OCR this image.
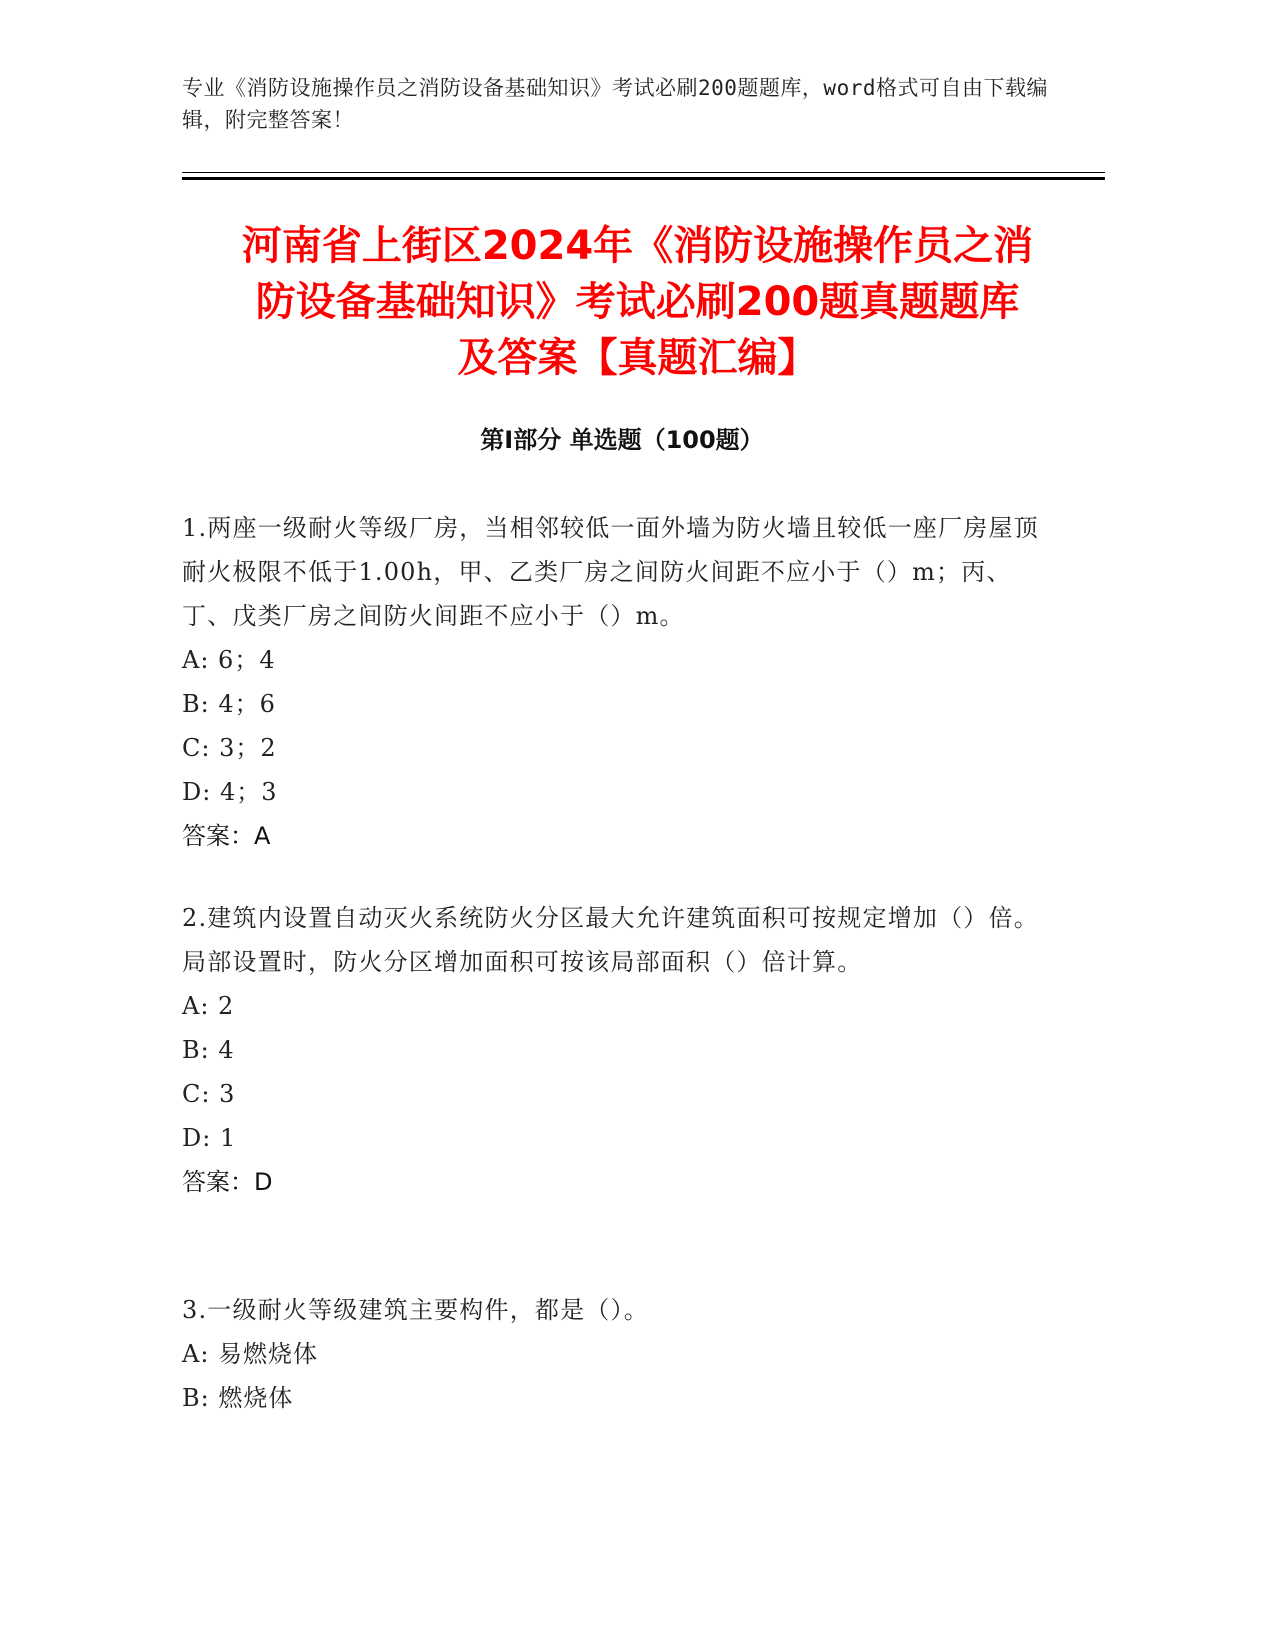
专业《消防设施操作员之消防设备基础知识》考试必刷200题题库，word格式可自由下载编辑，附完整答案！
河南省上街区2024年《消防设施操作员之消
防设备基础知识》考试必刷200题真题题库
及答案【真题汇编】
第Ⅰ部分 单选题（100题）
1.两座一级耐火等级厂房，当相邻较低一面外墙为防火墙且较低一座厂房屋顶耐火极限不低于1.00h，甲、乙类厂房之间防火间距不应小于（）m；丙、丁、戊类厂房之间防火间距不应小于（）m。
A: 6；4
B: 4；6
C: 3；2
D: 4；3
答案：A
2.建筑内设置自动灭火系统防火分区最大允许建筑面积可按规定增加（）倍。局部设置时，防火分区增加面积可按该局部面积（）倍计算。
A: 2
B: 4
C: 3
D: 1
答案：D
3.一级耐火等级建筑主要构件，都是（）。
A: 易燃烧体
B: 燃烧体
